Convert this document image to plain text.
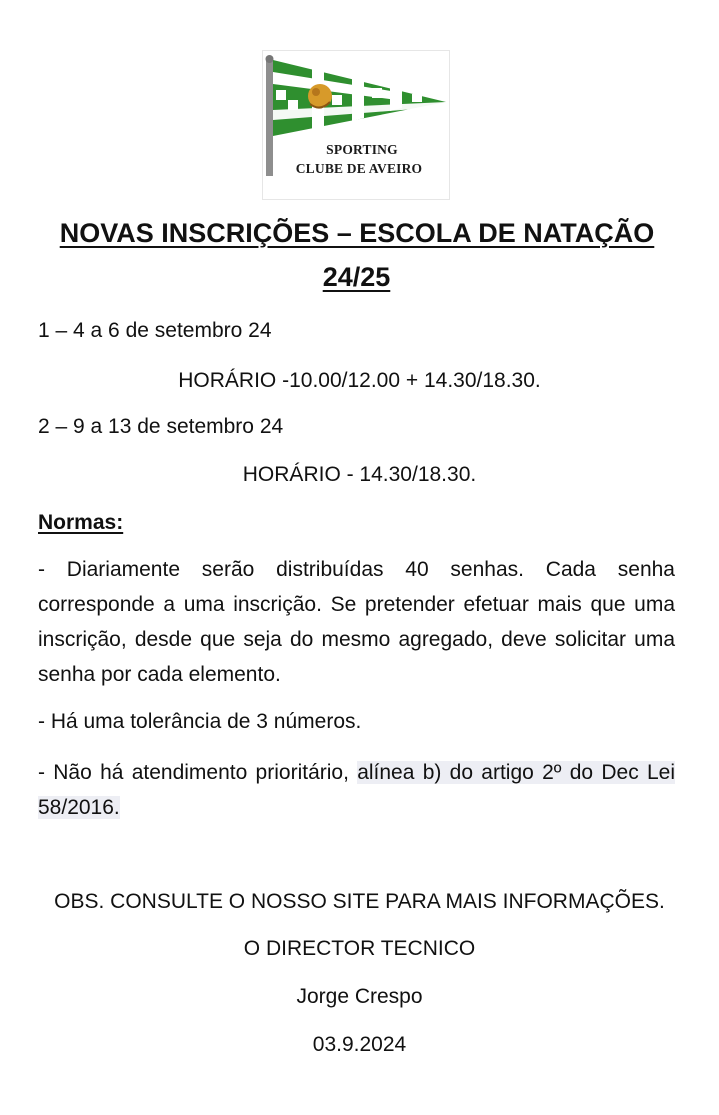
SPORTING
CLUBE DE AVEIRO
NOVAS INSCRIÇÕES – ESCOLA DE NATAÇÃO
24/25
1 – 4 a 6 de setembro 24
HORÁRIO -10.00/12.00 + 14.30/18.30.
2 – 9 a 13 de setembro 24
HORÁRIO - 14.30/18.30.
Normas:
- Diariamente serão distribuídas 40 senhas. Cada senha corresponde a uma inscrição. Se pretender efetuar mais que uma inscrição, desde que seja do mesmo agregado, deve solicitar uma senha por cada elemento.
- Há uma tolerância de 3 números.
- Não há atendimento prioritário, alínea b) do artigo 2º do Dec Lei 58/2016.
OBS. CONSULTE O NOSSO SITE PARA MAIS INFORMAÇÕES.
O DIRECTOR TECNICO
Jorge Crespo
03.9.2024
